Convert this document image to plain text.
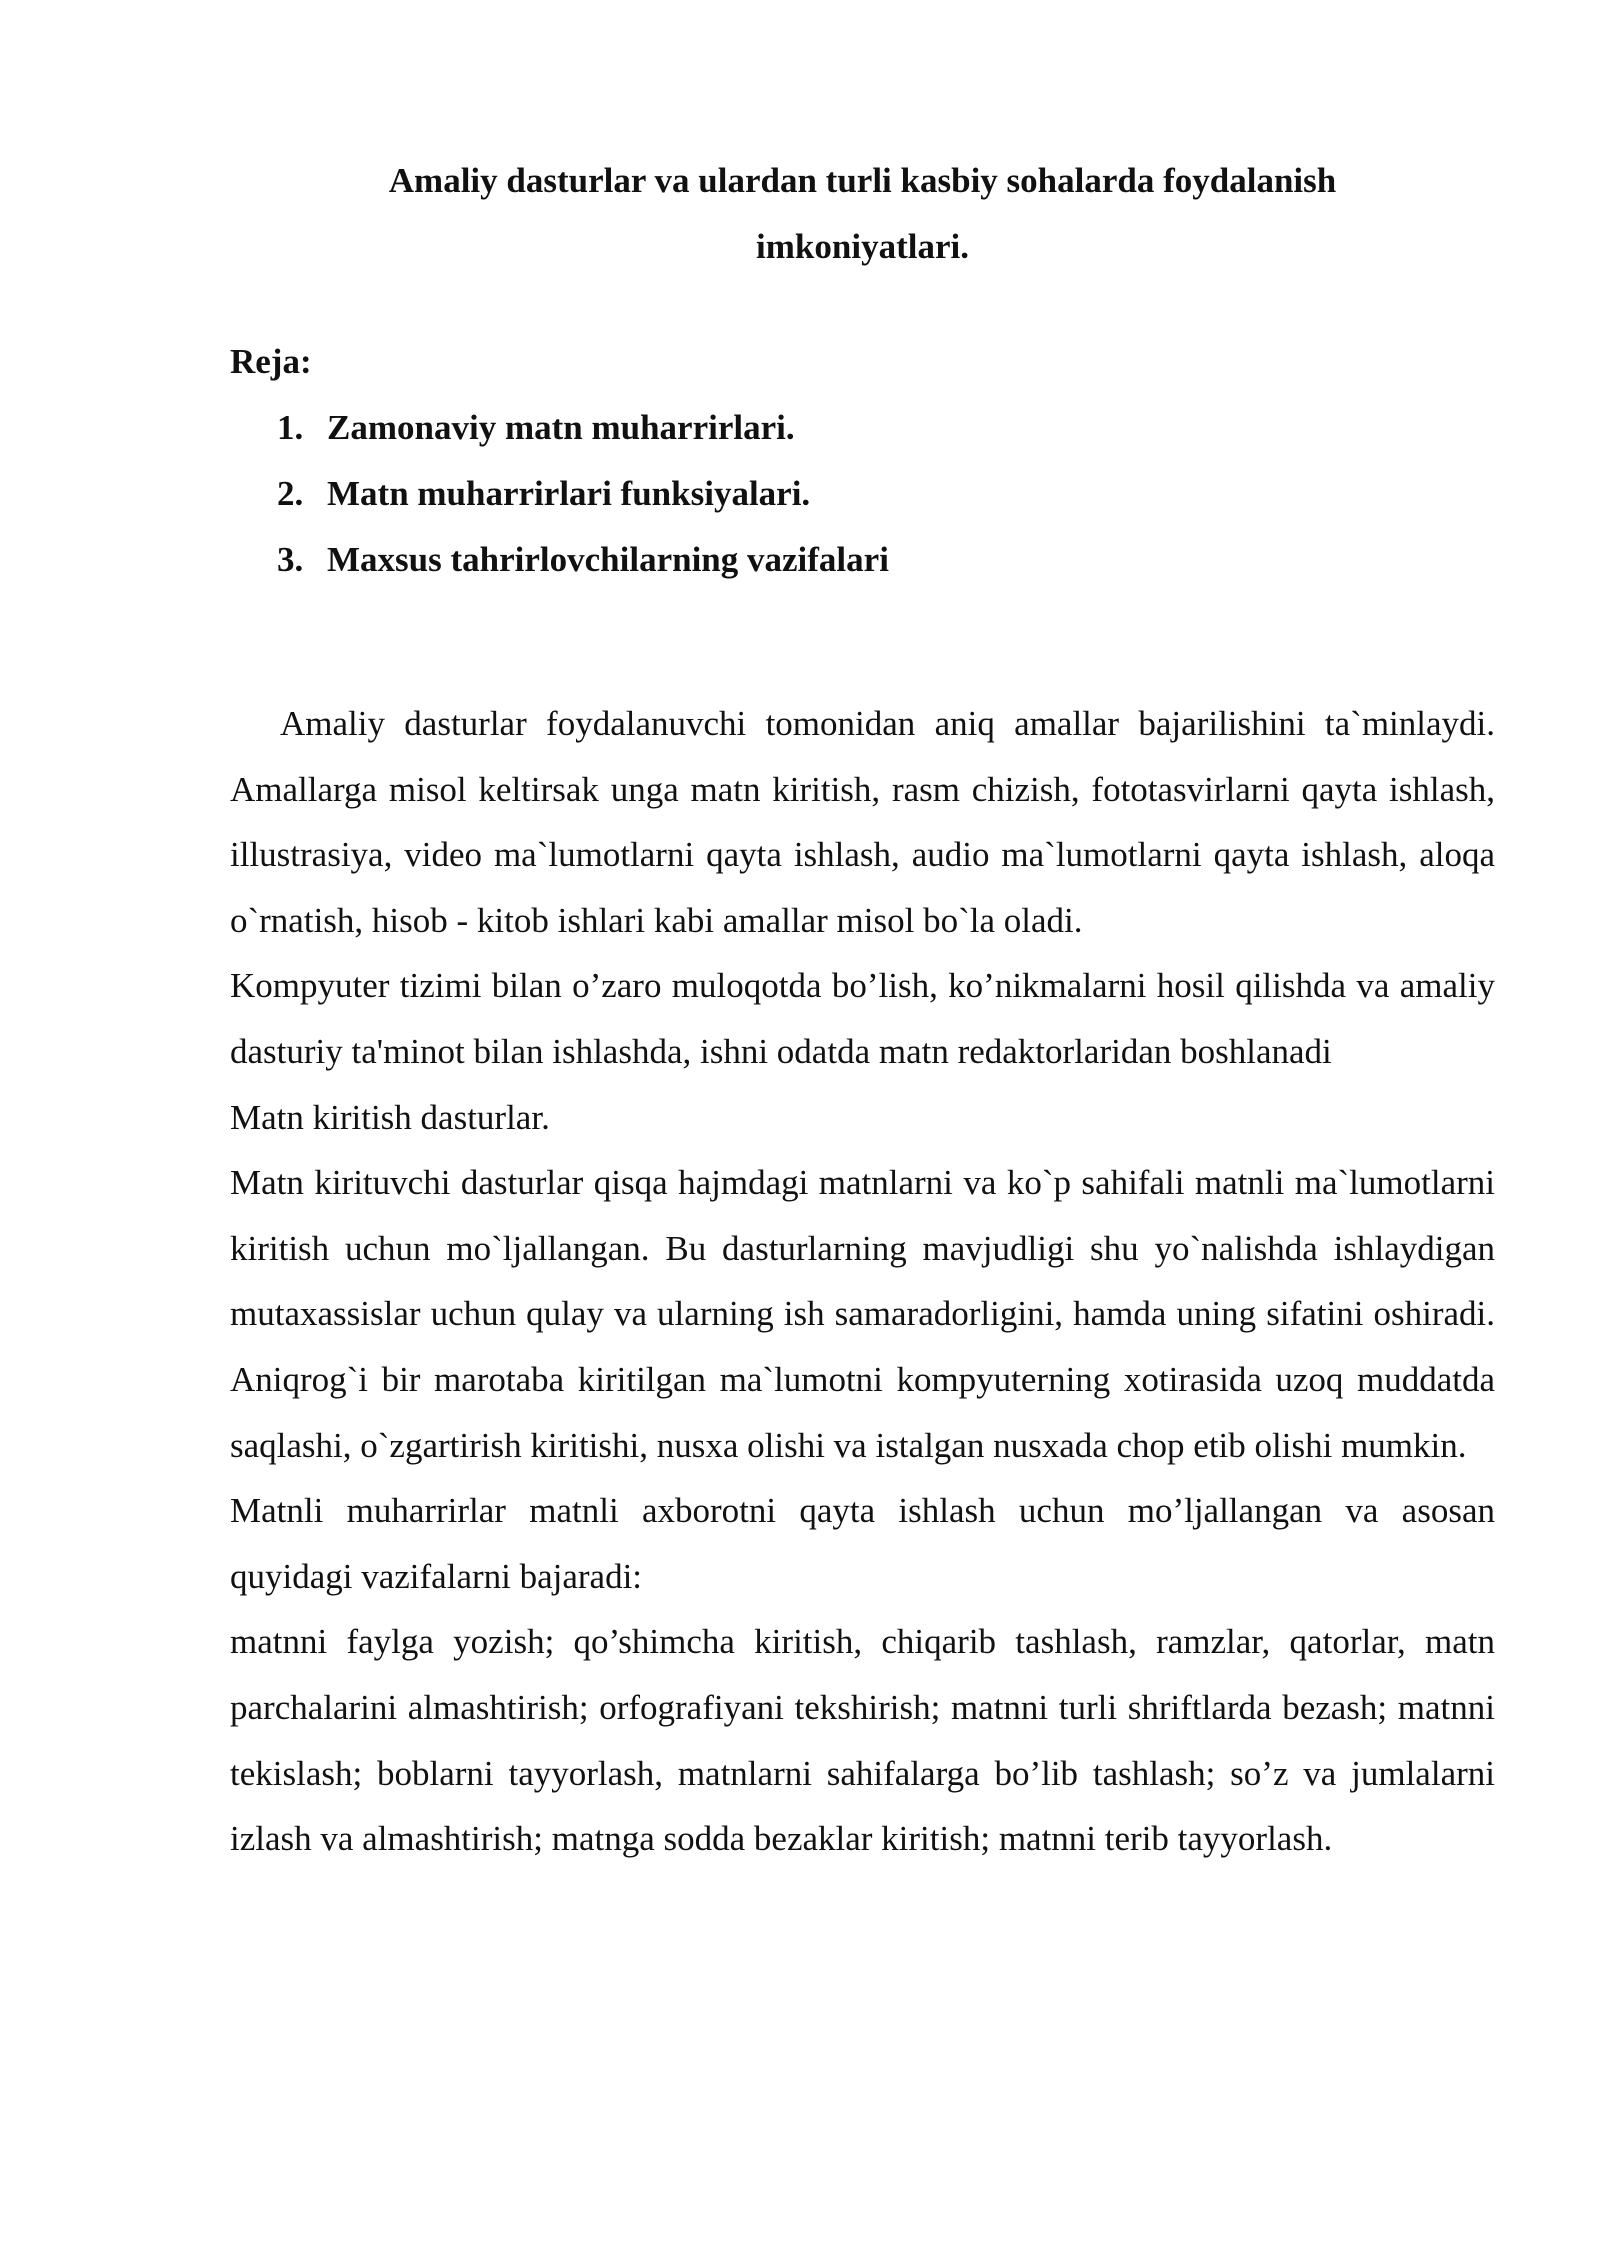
Amaliy dasturlar va ulardan turli kasbiy sohalarda foydalanish
imkoniyatlari.

Reja:

1. Zamonaviy matn muharrirlari.
2. Matn muharrirlari funksiyalari.
3. Maxsus tahrirlovchilarning vazifalari

Amaliy dasturlar foydalanuvchi tomonidan aniq amallar bajarilishini ta`minlaydi. Amallarga misol keltirsak unga matn kiritish, rasm chizish, fototasvirlarni qayta ishlash, illustrasiya, video ma`lumotlarni qayta ishlash, audio ma`lumotlarni qayta ishlash, aloqa o`rnatish, hisob - kitob ishlari kabi amallar misol bo`la oladi.

Kompyuter tizimi bilan o’zaro muloqotda bo’lish, ko’nikmalarni hosil qilishda va amaliy dasturiy ta'minot bilan ishlashda, ishni odatda matn redaktorlaridan boshlanadi

Matn kiritish dasturlar.

Matn kirituvchi dasturlar qisqa hajmdagi matnlarni va ko`p sahifali matnli ma`lumotlarni kiritish uchun mo`ljallangan. Bu dasturlarning mavjudligi shu yo`nalishda ishlaydigan mutaxassislar uchun qulay va ularning ish samaradorligini, hamda uning sifatini oshiradi. Aniqrog`i bir marotaba kiritilgan ma`lumotni kompyuterning xotirasida uzoq muddatda saqlashi, o`zgartirish kiritishi, nusxa olishi va istalgan nusxada chop etib olishi mumkin.

Matnli muharrirlar matnli axborotni qayta ishlash uchun mo’ljallangan va asosan quyidagi vazifalarni bajaradi:

matnni faylga yozish; qo’shimcha kiritish, chiqarib tashlash, ramzlar, qatorlar, matn parchalarini almashtirish; orfografiyani tekshirish; matnni turli shriftlarda bezash; matnni tekislash; boblarni tayyorlash, matnlarni sahifalarga bo’lib tashlash; so’z va jumlalarni izlash va almashtirish; matnga sodda bezaklar kiritish; matnni terib tayyorlash.
